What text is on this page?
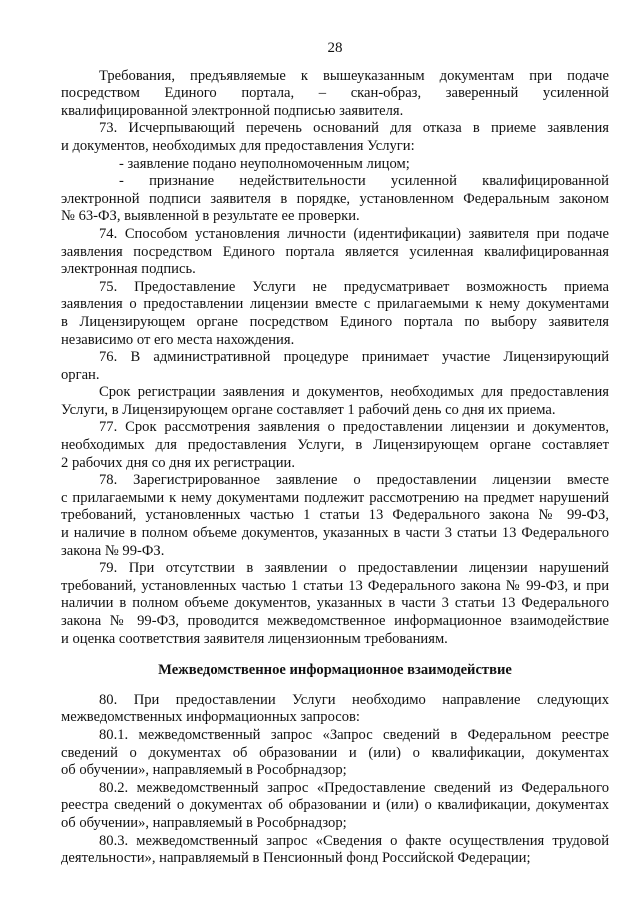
28
Требования, предъявляемые к вышеуказанным документам при подаче
посредством Единого портала, – скан-образ, заверенный усиленной
квалифицированной электронной подписью заявителя.
73. Исчерпывающий перечень оснований для отказа в приеме заявления
и документов, необходимых для предоставления Услуги:
- заявление подано неуполномоченным лицом;
- признание недействительности усиленной квалифицированной
электронной подписи заявителя в порядке, установленном Федеральным законом
№ 63-ФЗ, выявленной в результате ее проверки.
74. Способом установления личности (идентификации) заявителя при подаче
заявления посредством Единого портала является усиленная квалифицированная
электронная подпись.
75. Предоставление Услуги не предусматривает возможность приема
заявления о предоставлении лицензии вместе с прилагаемыми к нему документами
в Лицензирующем органе посредством Единого портала по выбору заявителя
независимо от его места нахождения.
76. В административной процедуре принимает участие Лицензирующий
орган.
Срок регистрации заявления и документов, необходимых для предоставления
Услуги, в Лицензирующем органе составляет 1 рабочий день со дня их приема.
77. Срок рассмотрения заявления о предоставлении лицензии и документов,
необходимых для предоставления Услуги, в Лицензирующем органе составляет
2 рабочих дня со дня их регистрации.
78. Зарегистрированное заявление о предоставлении лицензии вместе
с прилагаемыми к нему документами подлежит рассмотрению на предмет нарушений
требований, установленных частью 1 статьи 13 Федерального закона № 99-ФЗ,
и наличие в полном объеме документов, указанных в части 3 статьи 13 Федерального
закона № 99-ФЗ.
79. При отсутствии в заявлении о предоставлении лицензии нарушений
требований, установленных частью 1 статьи 13 Федерального закона № 99-ФЗ, и при
наличии в полном объеме документов, указанных в части 3 статьи 13 Федерального
закона № 99-ФЗ, проводится межведомственное информационное взаимодействие
и оценка соответствия заявителя лицензионным требованиям.
Межведомственное информационное взаимодействие
80. При предоставлении Услуги необходимо направление следующих
межведомственных информационных запросов:
80.1. межведомственный запрос «Запрос сведений в Федеральном реестре
сведений о документах об образовании и (или) о квалификации, документах
об обучении», направляемый в Рособрнадзор;
80.2. межведомственный запрос «Предоставление сведений из Федерального
реестра сведений о документах об образовании и (или) о квалификации, документах
об обучении», направляемый в Рособрнадзор;
80.3. межведомственный запрос «Сведения о факте осуществления трудовой
деятельности», направляемый в Пенсионный фонд Российской Федерации;
